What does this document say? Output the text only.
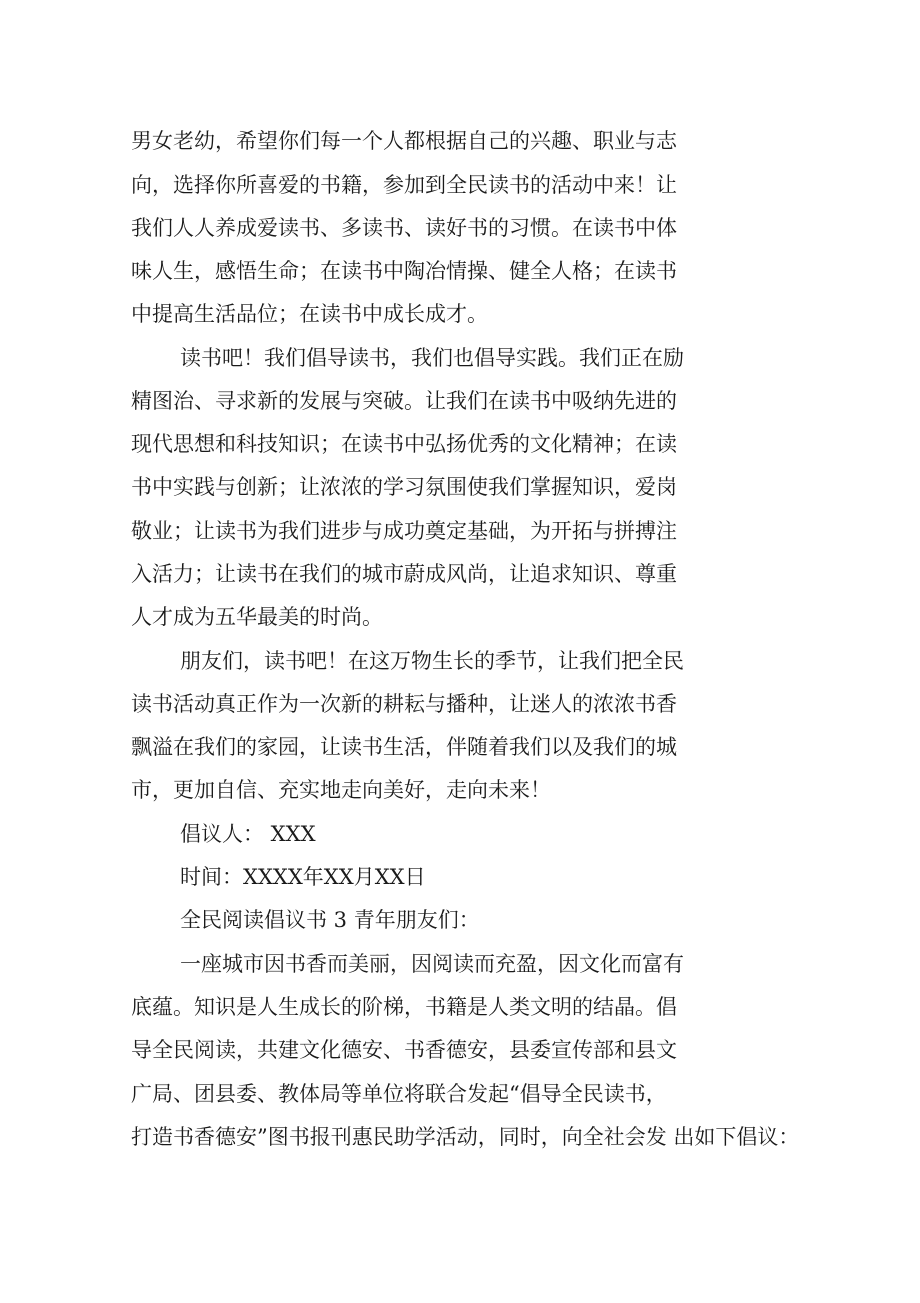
男女老幼，希望你们每一个人都根据自己的兴趣、职业与志
向，选择你所喜爱的书籍，参加到全民读书的活动中来！让
我们人人养成爱读书、多读书、读好书的习惯。在读书中体
味人生，感悟生命；在读书中陶冶情操、健全人格；在读书
中提高生活品位；在读书中成长成才。
读书吧！我们倡导读书，我们也倡导实践。我们正在励
精图治、寻求新的发展与突破。让我们在读书中吸纳先进的
现代思想和科技知识；在读书中弘扬优秀的文化精神；在读
书中实践与创新；让浓浓的学习氛围使我们掌握知识，爱岗
敬业；让读书为我们进步与成功奠定基础，为开拓与拼搏注
入活力；让读书在我们的城市蔚成风尚，让追求知识、尊重
人才成为五华最美的时尚。
朋友们，读书吧！在这万物生长的季节，让我们把全民
读书活动真正作为一次新的耕耘与播种，让迷人的浓浓书香
飘溢在我们的家园，让读书生活，伴随着我们以及我们的城
市，更加自信、充实地走向美好，走向未来！
倡议人： XXX
时间：XXXX年XX月XX日
全民阅读倡议书 3 青年朋友们：
一座城市因书香而美丽，因阅读而充盈，因文化而富有
底蕴。知识是人生成长的阶梯，书籍是人类文明的结晶。倡
导全民阅读，共建文化德安、书香德安，县委宣传部和县文
广局、团县委、教体局等单位将联合发起“倡导全民读书，
打造书香德安”图书报刊惠民助学活动，同时，向全社会发 出如下倡议：
